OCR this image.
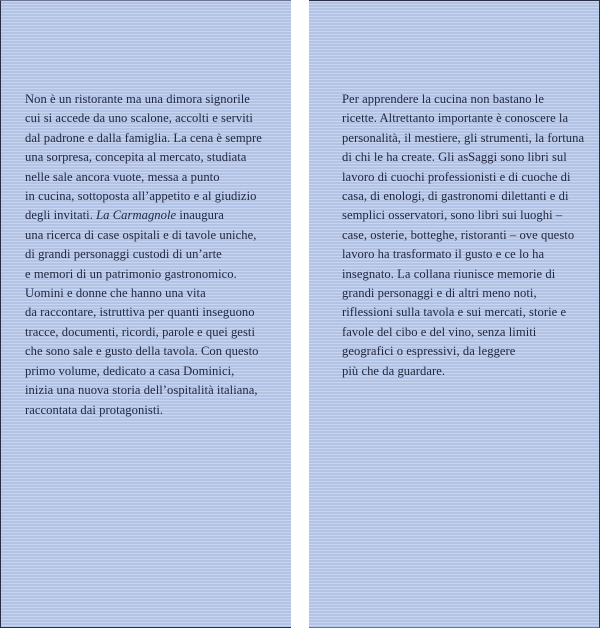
Non è un ristorante ma una dimora signorile
cui si accede da uno scalone, accolti e serviti
dal padrone e dalla famiglia. La cena è sempre
una sorpresa, concepita al mercato, studiata
nelle sale ancora vuote, messa a punto
in cucina, sottoposta all’appetito e al giudizio
degli invitati. La Carmagnole inaugura
una ricerca di case ospitali e di tavole uniche,
di grandi personaggi custodi di un’arte
e memori di un patrimonio gastronomico.
Uomini e donne che hanno una vita
da raccontare, istruttiva per quanti inseguono
tracce, documenti, ricordi, parole e quei gesti
che sono sale e gusto della tavola. Con questo
primo volume, dedicato a casa Dominici,
inizia una nuova storia dell’ospitalità italiana,
raccontata dai protagonisti.
Per apprendere la cucina non bastano le
ricette. Altrettanto importante è conoscere la
personalità, il mestiere, gli strumenti, la fortuna
di chi le ha create. Gli asSaggi sono libri sul
lavoro di cuochi professionisti e di cuoche di
casa, di enologi, di gastronomi dilettanti e di
semplici osservatori, sono libri sui luoghi –
case, osterie, botteghe, ristoranti – ove questo
lavoro ha trasformato il gusto e ce lo ha
insegnato. La collana riunisce memorie di
grandi personaggi e di altri meno noti,
riflessioni sulla tavola e sui mercati, storie e
favole del cibo e del vino, senza limiti
geografici o espressivi, da leggere
più che da guardare.
